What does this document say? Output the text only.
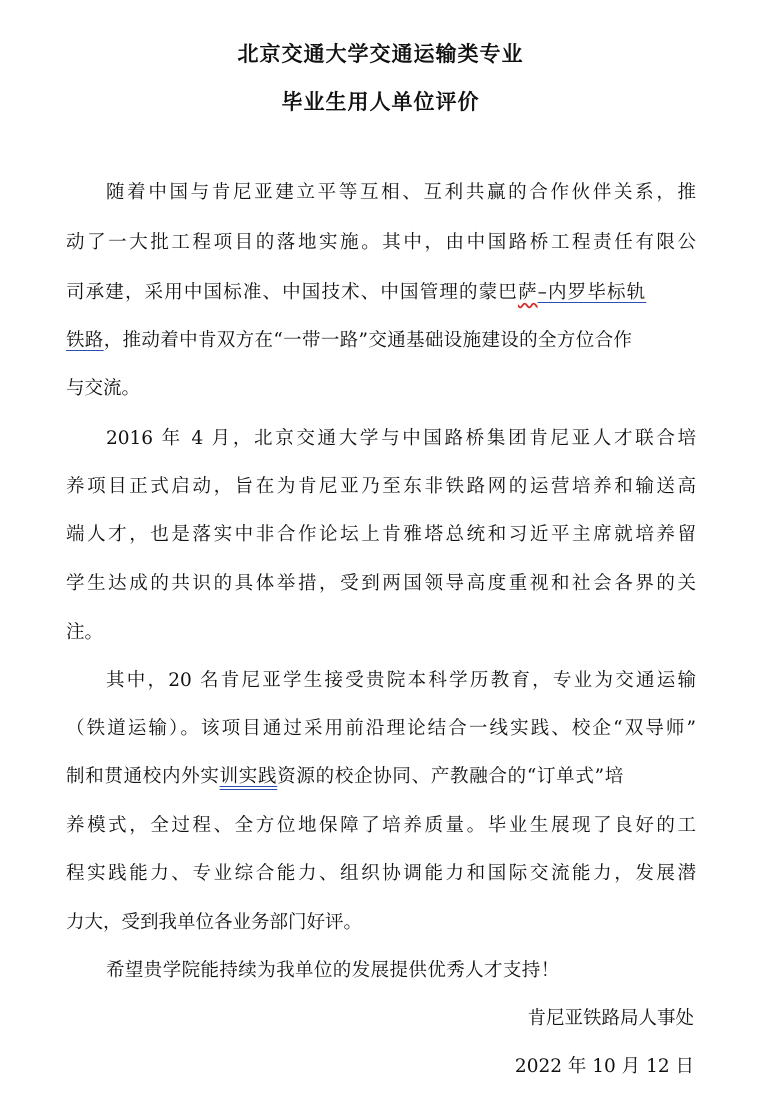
北京交通大学交通运输类专业
毕业生用人单位评价
随着中国与肯尼亚建立平等互相、互利共赢的合作伙伴关系，推
动了一大批工程项目的落地实施。其中，由中国路桥工程责任有限公
司承建，采用中国标准、中国技术、中国管理的蒙巴萨–内罗毕标轨
铁路，推动着中肯双方在“一带一路”交通基础设施建设的全方位合作
与交流。
2016 年 4 月，北京交通大学与中国路桥集团肯尼亚人才联合培
养项目正式启动，旨在为肯尼亚乃至东非铁路网的运营培养和输送高
端人才，也是落实中非合作论坛上肯雅塔总统和习近平主席就培养留
学生达成的共识的具体举措，受到两国领导高度重视和社会各界的关
注。
其中，20 名肯尼亚学生接受贵院本科学历教育，专业为交通运输
（铁道运输）。该项目通过采用前沿理论结合一线实践、校企“双导师”
制和贯通校内外实训实践资源的校企协同、产教融合的“订单式”培
养模式，全过程、全方位地保障了培养质量。毕业生展现了良好的工
程实践能力、专业综合能力、组织协调能力和国际交流能力，发展潜
力大，受到我单位各业务部门好评。
希望贵学院能持续为我单位的发展提供优秀人才支持！
肯尼亚铁路局人事处
2022 年 10 月 12 日
